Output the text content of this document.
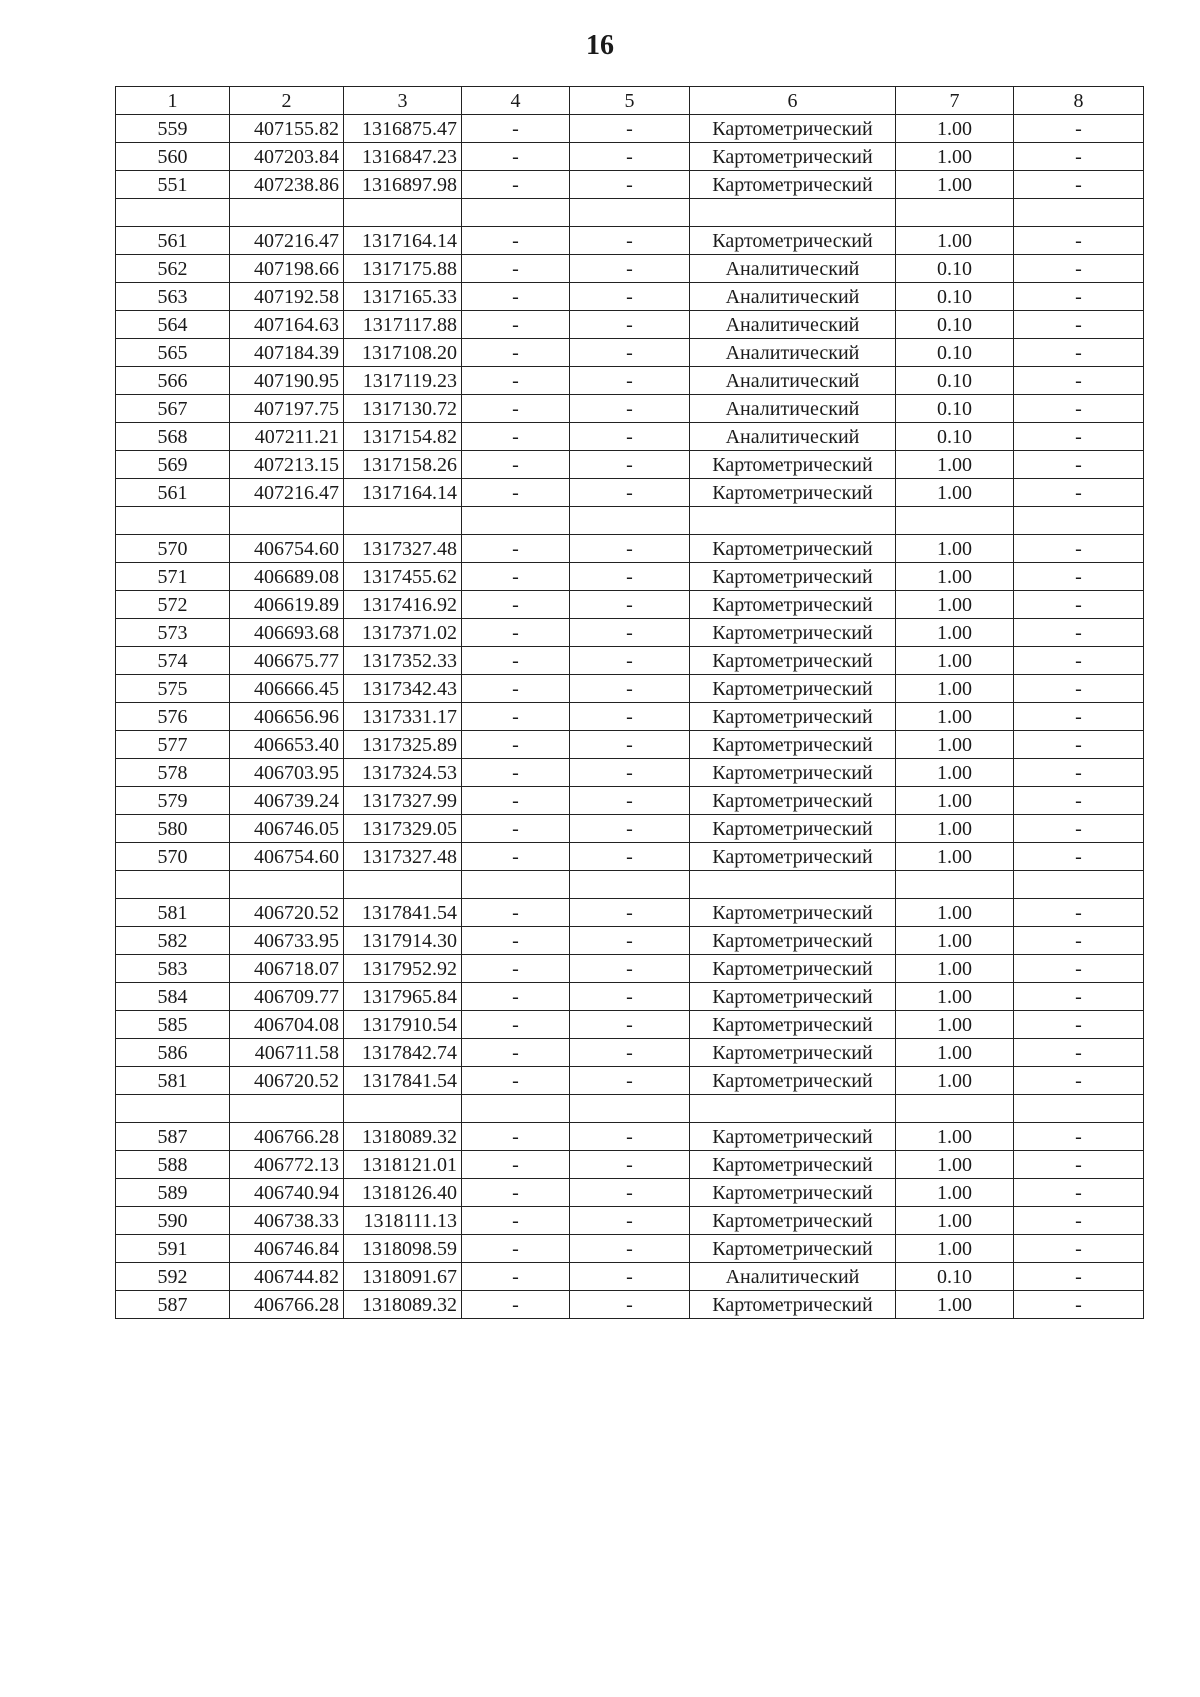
16
1	2	3	4	5	6	7	8
559	407155.82	1316875.47	-	-	Картометрический	1.00	-
560	407203.84	1316847.23	-	-	Картометрический	1.00	-
551	407238.86	1316897.98	-	-	Картометрический	1.00	-

561	407216.47	1317164.14	-	-	Картометрический	1.00	-
562	407198.66	1317175.88	-	-	Аналитический	0.10	-
563	407192.58	1317165.33	-	-	Аналитический	0.10	-
564	407164.63	1317117.88	-	-	Аналитический	0.10	-
565	407184.39	1317108.20	-	-	Аналитический	0.10	-
566	407190.95	1317119.23	-	-	Аналитический	0.10	-
567	407197.75	1317130.72	-	-	Аналитический	0.10	-
568	407211.21	1317154.82	-	-	Аналитический	0.10	-
569	407213.15	1317158.26	-	-	Картометрический	1.00	-
561	407216.47	1317164.14	-	-	Картометрический	1.00	-

570	406754.60	1317327.48	-	-	Картометрический	1.00	-
571	406689.08	1317455.62	-	-	Картометрический	1.00	-
572	406619.89	1317416.92	-	-	Картометрический	1.00	-
573	406693.68	1317371.02	-	-	Картометрический	1.00	-
574	406675.77	1317352.33	-	-	Картометрический	1.00	-
575	406666.45	1317342.43	-	-	Картометрический	1.00	-
576	406656.96	1317331.17	-	-	Картометрический	1.00	-
577	406653.40	1317325.89	-	-	Картометрический	1.00	-
578	406703.95	1317324.53	-	-	Картометрический	1.00	-
579	406739.24	1317327.99	-	-	Картометрический	1.00	-
580	406746.05	1317329.05	-	-	Картометрический	1.00	-
570	406754.60	1317327.48	-	-	Картометрический	1.00	-

581	406720.52	1317841.54	-	-	Картометрический	1.00	-
582	406733.95	1317914.30	-	-	Картометрический	1.00	-
583	406718.07	1317952.92	-	-	Картометрический	1.00	-
584	406709.77	1317965.84	-	-	Картометрический	1.00	-
585	406704.08	1317910.54	-	-	Картометрический	1.00	-
586	406711.58	1317842.74	-	-	Картометрический	1.00	-
581	406720.52	1317841.54	-	-	Картометрический	1.00	-

587	406766.28	1318089.32	-	-	Картометрический	1.00	-
588	406772.13	1318121.01	-	-	Картометрический	1.00	-
589	406740.94	1318126.40	-	-	Картометрический	1.00	-
590	406738.33	1318111.13	-	-	Картометрический	1.00	-
591	406746.84	1318098.59	-	-	Картометрический	1.00	-
592	406744.82	1318091.67	-	-	Аналитический	0.10	-
587	406766.28	1318089.32	-	-	Картометрический	1.00	-
